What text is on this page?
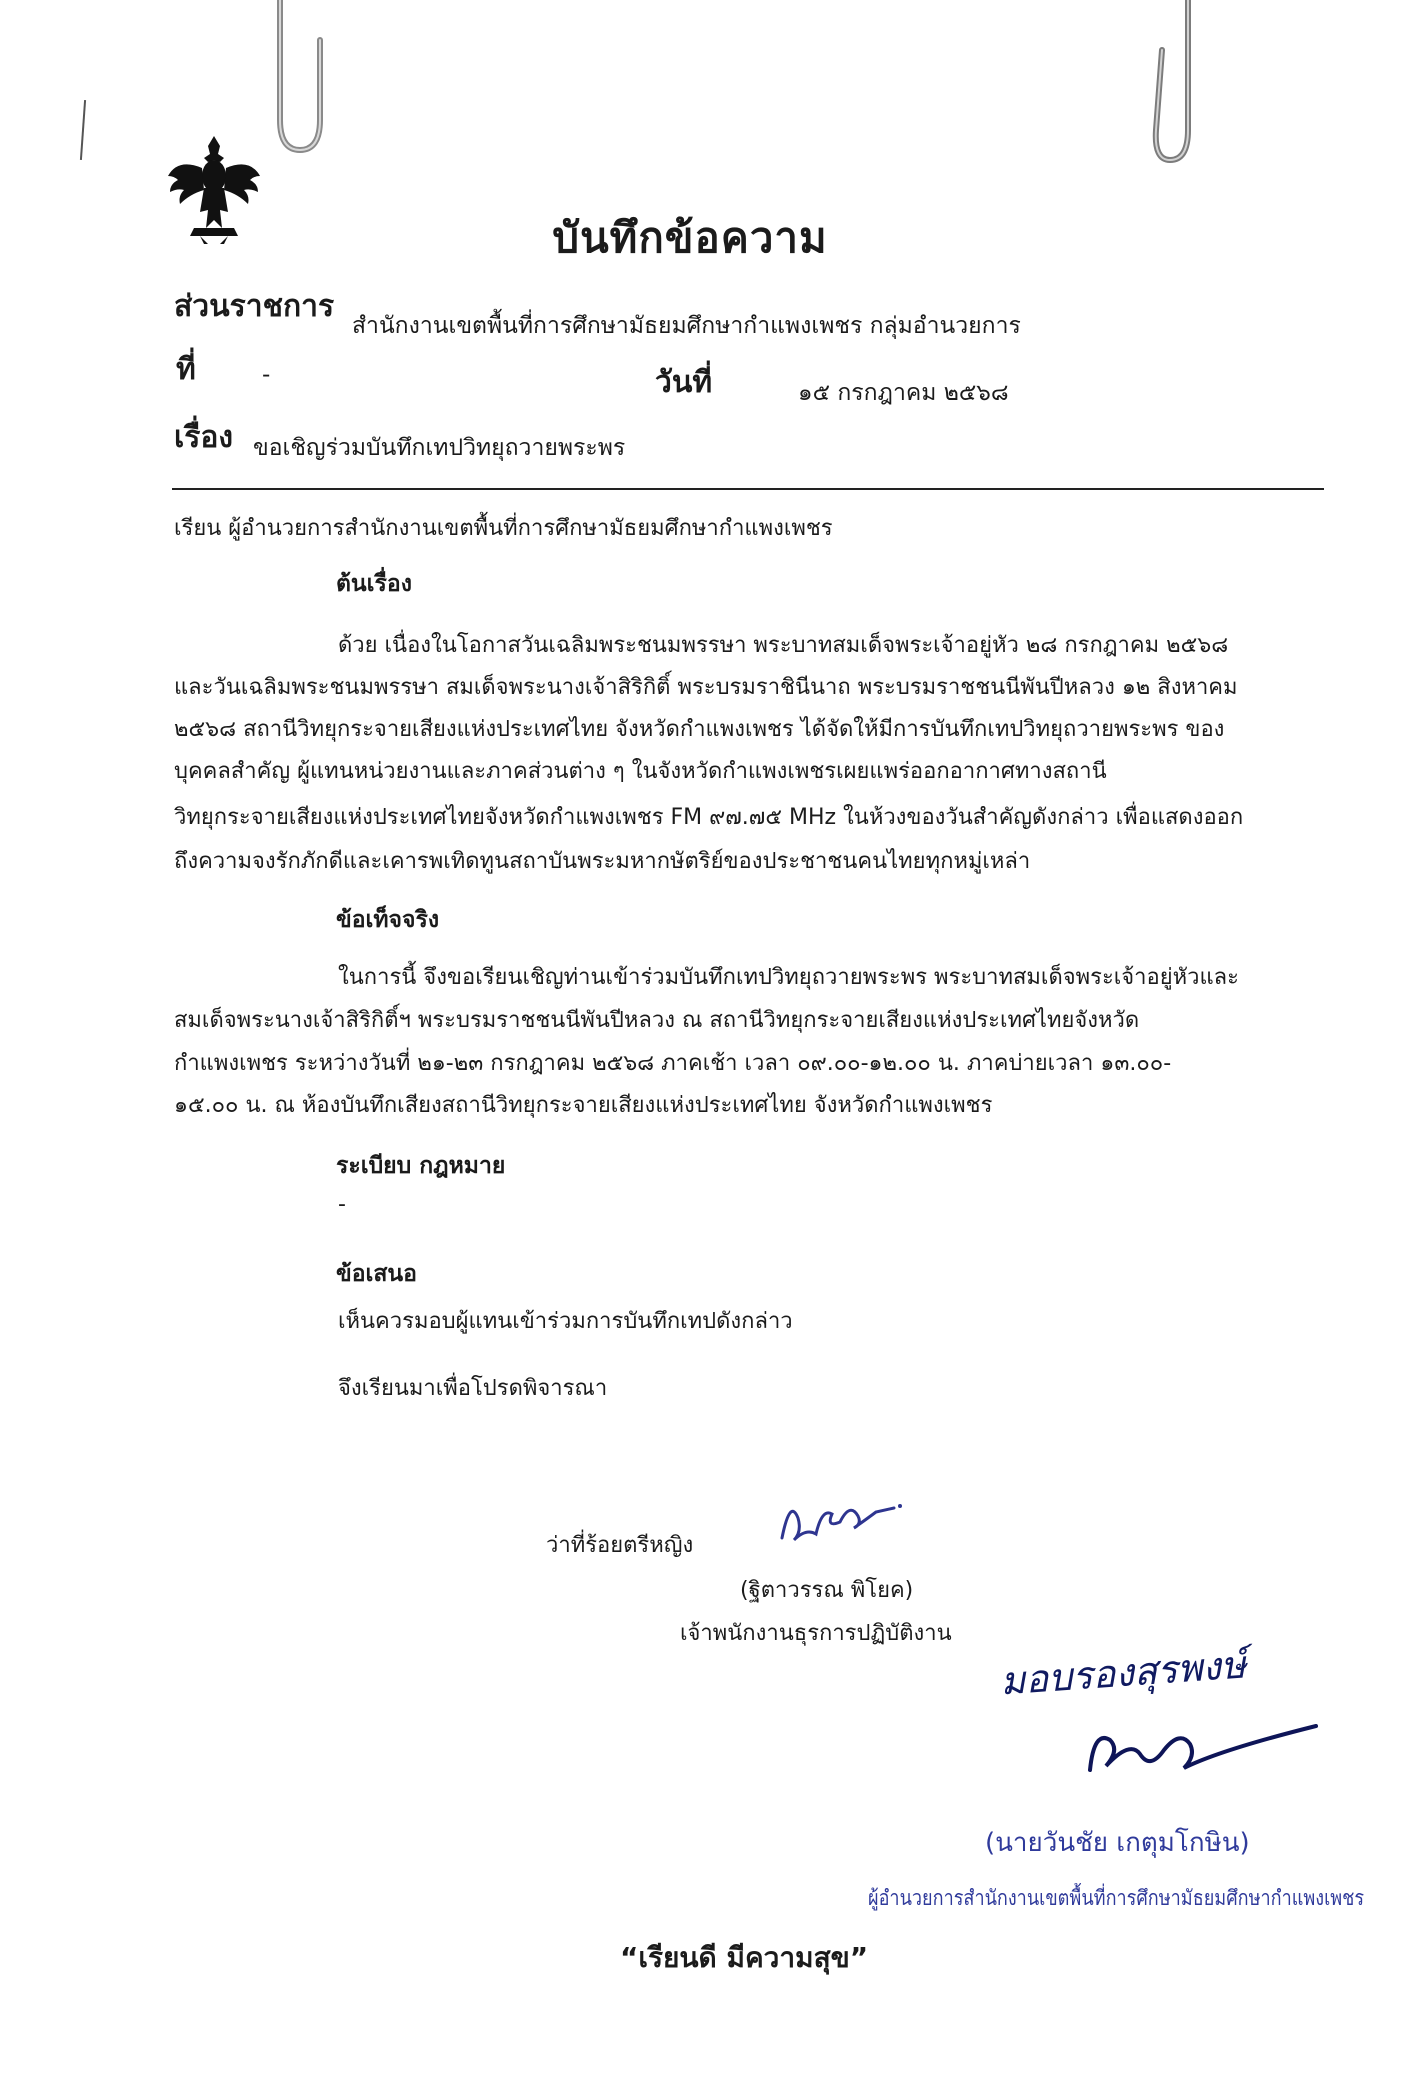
บันทึกข้อความ
ส่วนราชการ
สำนักงานเขตพื้นที่การศึกษามัธยมศึกษากำแพงเพชร กลุ่มอำนวยการ
ที่	-	วันที่	๑๕ กรกฎาคม ๒๕๖๘
เรื่อง ขอเชิญร่วมบันทึกเทปวิทยุถวายพระพร
เรียน ผู้อำนวยการสำนักงานเขตพื้นที่การศึกษามัธยมศึกษากำแพงเพชร
ต้นเรื่อง
ด้วย เนื่องในโอกาสวันเฉลิมพระชนมพรรษา พระบาทสมเด็จพระเจ้าอยู่หัว ๒๘ กรกฎาคม ๒๕๖๘
และวันเฉลิมพระชนมพรรษา สมเด็จพระนางเจ้าสิริกิติ์ พระบรมราชินีนาถ พระบรมราชชนนีพันปีหลวง ๑๒ สิงหาคม
๒๕๖๘ สถานีวิทยุกระจายเสียงแห่งประเทศไทย จังหวัดกำแพงเพชร ได้จัดให้มีการบันทึกเทปวิทยุถวายพระพร ของ
บุคคลสำคัญ ผู้แทนหน่วยงานและภาคส่วนต่าง ๆ ในจังหวัดกำแพงเพชรเผยแพร่ออกอากาศทางสถานี
วิทยุกระจายเสียงแห่งประเทศไทยจังหวัดกำแพงเพชร FM ๙๗.๗๕ MHz ในห้วงของวันสำคัญดังกล่าว เพื่อแสดงออก
ถึงความจงรักภักดีและเคารพเทิดทูนสถาบันพระมหากษัตริย์ของประชาชนคนไทยทุกหมู่เหล่า
ข้อเท็จจริง
ในการนี้ จึงขอเรียนเชิญท่านเข้าร่วมบันทึกเทปวิทยุถวายพระพร พระบาทสมเด็จพระเจ้าอยู่หัวและ
สมเด็จพระนางเจ้าสิริกิติ์ฯ พระบรมราชชนนีพันปีหลวง ณ สถานีวิทยุกระจายเสียงแห่งประเทศไทยจังหวัด
กำแพงเพชร ระหว่างวันที่ ๒๑-๒๓ กรกฎาคม ๒๕๖๘ ภาคเช้า เวลา ๐๙.๐๐-๑๒.๐๐ น. ภาคบ่ายเวลา ๑๓.๐๐-
๑๕.๐๐ น. ณ ห้องบันทึกเสียงสถานีวิทยุกระจายเสียงแห่งประเทศไทย จังหวัดกำแพงเพชร
ระเบียบ กฎหมาย
-
ข้อเสนอ
เห็นควรมอบผู้แทนเข้าร่วมการบันทึกเทปดังกล่าว
จึงเรียนมาเพื่อโปรดพิจารณา
ว่าที่ร้อยตรีหญิง
(ฐิตาวรรณ พิโยค)
เจ้าพนักงานธุรการปฏิบัติงาน
มอบรองสุรพงษ์
(นายวันชัย เกตุมโกษิน)
ผู้อำนวยการสำนักงานเขตพื้นที่การศึกษามัธยมศึกษากำแพงเพชร
“เรียนดี มีความสุข”
